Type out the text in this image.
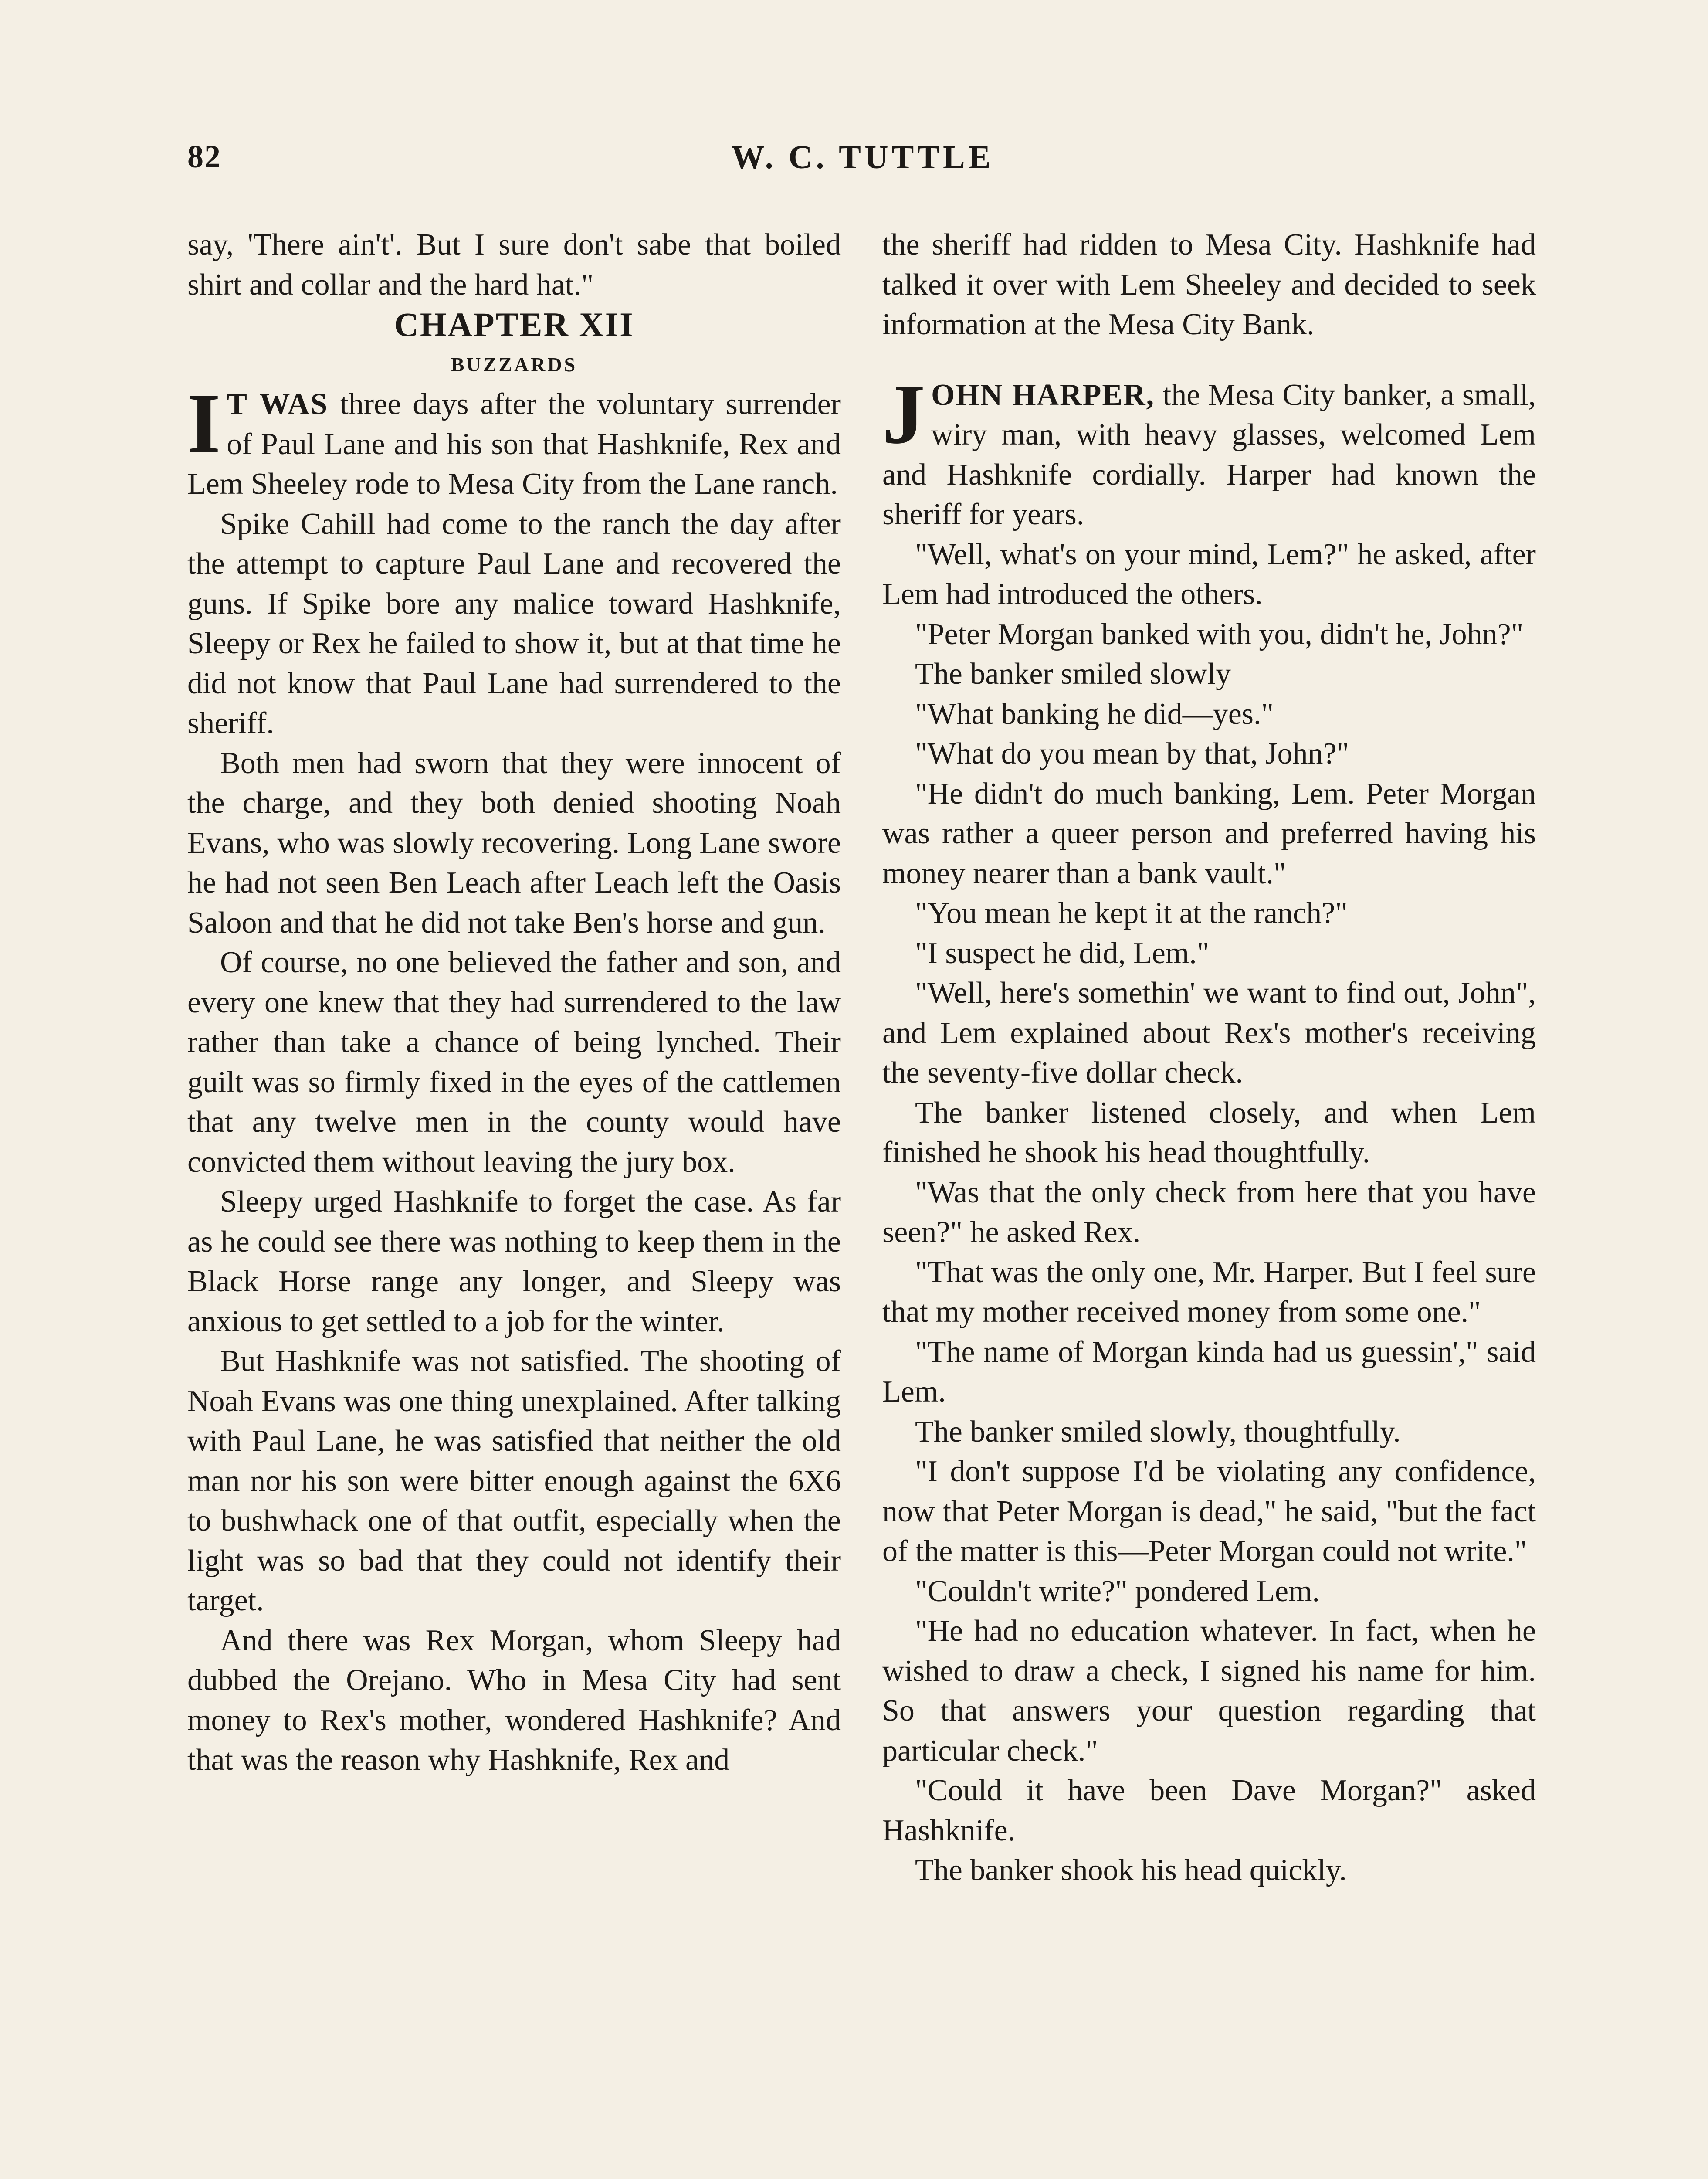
82	W. C. TUTTLE

say, 'There ain't'. But I sure don't sabe that boiled shirt and collar and the hard hat."

CHAPTER XII

BUZZARDS

I T WAS three days after the voluntary surrender of Paul Lane and his son that Hashknife, Rex and Lem Sheeley rode to Mesa City from the Lane ranch.

Spike Cahill had come to the ranch the day after the attempt to capture Paul Lane and recovered the guns. If Spike bore any malice toward Hashknife, Sleepy or Rex he failed to show it, but at that time he did not know that Paul Lane had surrendered to the sheriff.

Both men had sworn that they were innocent of the charge, and they both denied shooting Noah Evans, who was slowly recovering. Long Lane swore he had not seen Ben Leach after Leach left the Oasis Saloon and that he did not take Ben's horse and gun.

Of course, no one believed the father and son, and every one knew that they had surrendered to the law rather than take a chance of being lynched. Their guilt was so firmly fixed in the eyes of the cattlemen that any twelve men in the county would have convicted them without leaving the jury box.

Sleepy urged Hashknife to forget the case. As far as he could see there was nothing to keep them in the Black Horse range any longer, and Sleepy was anxious to get settled to a job for the winter.

But Hashknife was not satisfied. The shooting of Noah Evans was one thing unexplained. After talking with Paul Lane, he was satisfied that neither the old man nor his son were bitter enough against the 6X6 to bushwhack one of that outfit, especially when the light was so bad that they could not identify their target.

And there was Rex Morgan, whom Sleepy had dubbed the Orejano. Who in Mesa City had sent money to Rex's mother, wondered Hashknife? And that was the reason why Hashknife, Rex and

the sheriff had ridden to Mesa City. Hashknife had talked it over with Lem Sheeley and decided to seek information at the Mesa City Bank.

JOHN HARPER, the Mesa City banker, a small, wiry man, with heavy glasses, welcomed Lem and Hashknife cordially. Harper had known the sheriff for years.

"Well, what's on your mind, Lem?" he asked, after Lem had introduced the others.

"Peter Morgan banked with you, didn't he, John?"

The banker smiled slowly

"What banking he did—yes."

"What do you mean by that, John?"

"He didn't do much banking, Lem. Peter Morgan was rather a queer person and preferred having his money nearer than a bank vault."

"You mean he kept it at the ranch?"

"I suspect he did, Lem."

"Well, here's somethin' we want to find out, John", and Lem explained about Rex's mother's receiving the seventy-five dollar check.

The banker listened closely, and when Lem finished he shook his head thoughtfully.

"Was that the only check from here that you have seen?" he asked Rex.

"That was the only one, Mr. Harper. But I feel sure that my mother received money from some one."

"The name of Morgan kinda had us guessin'," said Lem.

The banker smiled slowly, thoughtfully.

"I don't suppose I'd be violating any confidence, now that Peter Morgan is dead," he said, "but the fact of the matter is this—Peter Morgan could not write."

"Couldn't write?" pondered Lem.

"He had no education whatever. In fact, when he wished to draw a check, I signed his name for him. So that answers your question regarding that particular check."

"Could it have been Dave Morgan?" asked Hashknife.

The banker shook his head quickly.
